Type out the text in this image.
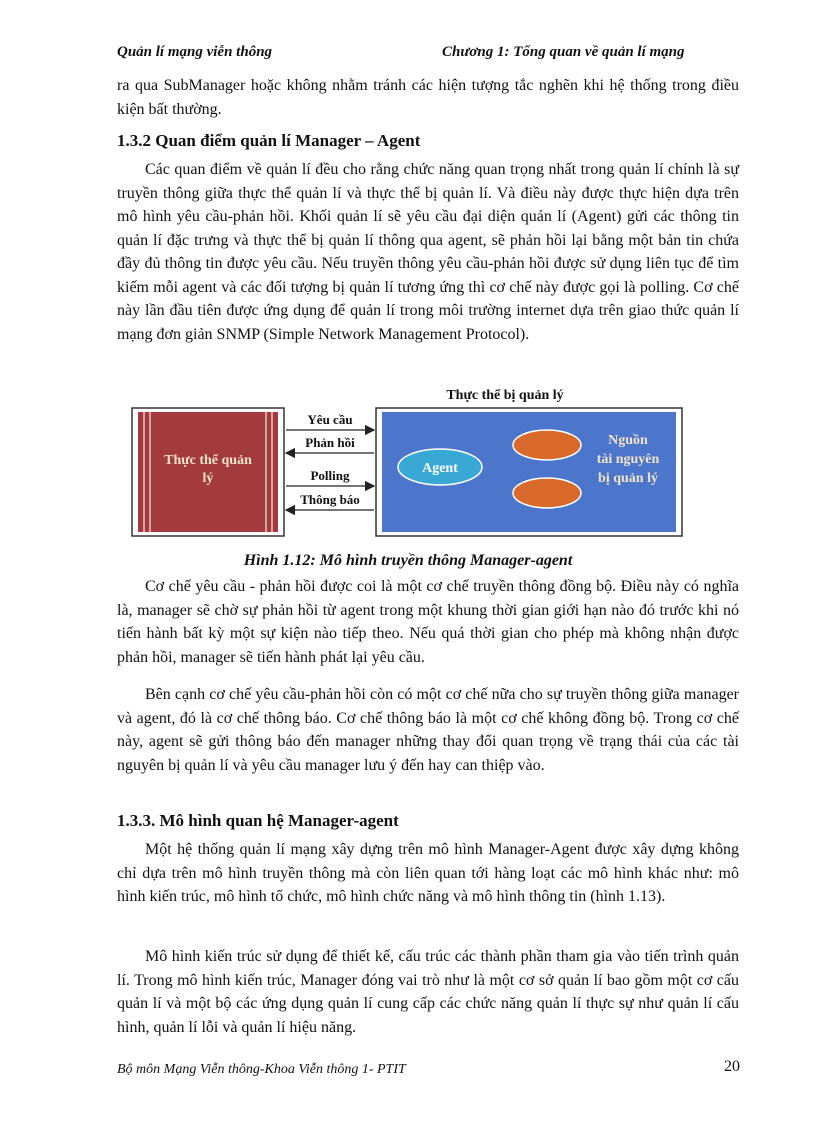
Quản lí mạng viễn thông	Chương 1: Tổng quan về quản lí mạng

ra qua SubManager hoặc không nhằm tránh các hiện tượng tắc nghẽn khi hệ thống trong điều kiện bất thường.

1.3.2 Quan điểm quản lí Manager – Agent

Các quan điểm về quản lí đều cho rằng chức năng quan trọng nhất trong quản lí chính là sự truyền thông giữa thực thể quản lí và thực thể bị quản lí. Và điều này được thực hiện dựa trên mô hình yêu cầu-phản hồi. Khối quản lí sẽ yêu cầu đại diện quản lí (Agent) gửi các thông tin quản lí đặc trưng và thực thể bị quản lí thông qua agent, sẽ phản hồi lại bằng một bản tin chứa đầy đủ thông tin được yêu cầu. Nếu truyền thông yêu cầu-phản hồi được sử dụng liên tục để tìm kiếm mỗi agent và các đối tượng bị quản lí tương ứng thì cơ chế này được gọi là polling. Cơ chế này lần đầu tiên được ứng dụng để quản lí trong môi trường internet dựa trên giao thức quản lí mạng đơn giản SNMP (Simple Network Management Protocol).

Thực thể bị quản lý
Thực thể quản
lý
Agent
Nguồn
tài nguyên
bị quản lý
Yêu cầu
Phản hồi
Polling
Thông báo
Hình 1.12: Mô hình truyền thông Manager-agent

Cơ chế yêu cầu - phản hồi được coi là một cơ chế truyền thông đồng bộ. Điều này có nghĩa là, manager sẽ chờ sự phản hồi từ agent trong một khung thời gian giới hạn nào đó trước khi nó tiến hành bất kỳ một sự kiện nào tiếp theo. Nếu quá thời gian cho phép mà không nhận được phản hồi, manager sẽ tiến hành phát lại yêu cầu.

Bên cạnh cơ chế yêu cầu-phản hồi còn có một cơ chế nữa cho sự truyền thông giữa manager và agent, đó là cơ chế thông báo. Cơ chế thông báo là một cơ chế không đồng bộ. Trong cơ chế này, agent sẽ gửi thông báo đến manager những thay đổi quan trọng về trạng thái của các tài nguyên bị quản lí và yêu cầu manager lưu ý đến hay can thiệp vào.

1.3.3. Mô hình quan hệ Manager-agent

Một hệ thống quản lí mạng xây dựng trên mô hình Manager-Agent được xây dựng không chỉ dựa trên mô hình truyền thông mà còn liên quan tới hàng loạt các mô hình khác như: mô hình kiến trúc, mô hình tổ chức, mô hình chức năng và mô hình thông tin (hình 1.13).

Mô hình kiến trúc sử dụng để thiết kế, cấu trúc các thành phần tham gia vào tiến trình quản lí. Trong mô hình kiến trúc, Manager đóng vai trò như là một cơ sở quản lí bao gồm một cơ cấu quản lí và một bộ các ứng dụng quản lí cung cấp các chức năng quản lí thực sự như quản lí cấu hình, quản lí lỗi và quản lí hiệu năng.

Bộ môn Mạng Viễn thông-Khoa Viễn thông 1- PTIT	20
